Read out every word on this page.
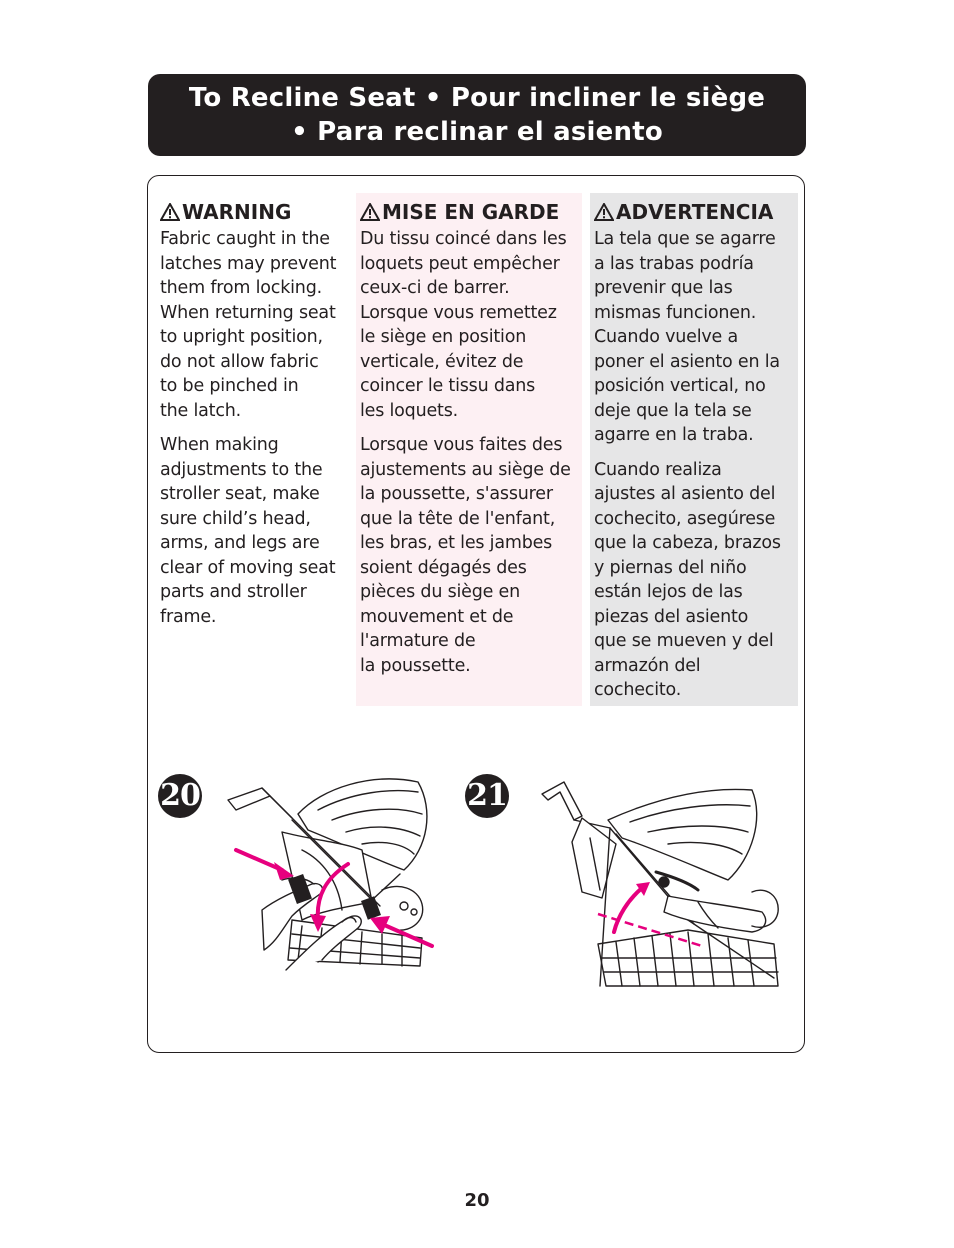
To Recline Seat • Pour incliner le siège
• Para reclinar el asiento
WARNING

Fabric caught in the
latches may prevent
them from locking.
When returning seat
to upright position,
do not allow fabric
to be pinched in
the latch.

When making
adjustments to the
stroller seat, make
sure child’s head,
arms, and legs are
clear of moving seat
parts and stroller
frame.

MISE EN GARDE

Du tissu coincé dans les
loquets peut empêcher
ceux-ci de barrer.
Lorsque vous remettez
le siège en position
verticale, évitez de
coincer le tissu dans
les loquets.

Lorsque vous faites des
ajustements au siège de
la poussette, s'assurer
que la tête de l'enfant,
les bras, et les jambes
soient dégagés des
pièces du siège en
mouvement et de
l'armature de
la poussette.

ADVERTENCIA

La tela que se agarre
a las trabas podría
prevenir que las
mismas funcionen.
Cuando vuelve a
poner el asiento en la
posición vertical, no
deje que la tela se
agarre en la traba.

Cuando realiza
ajustes al asiento del
cochecito, asegúrese
que la cabeza, brazos
y piernas del niño
están lejos de las
piezas del asiento
que se mueven y del
armazón del
cochecito.

20	21
20
